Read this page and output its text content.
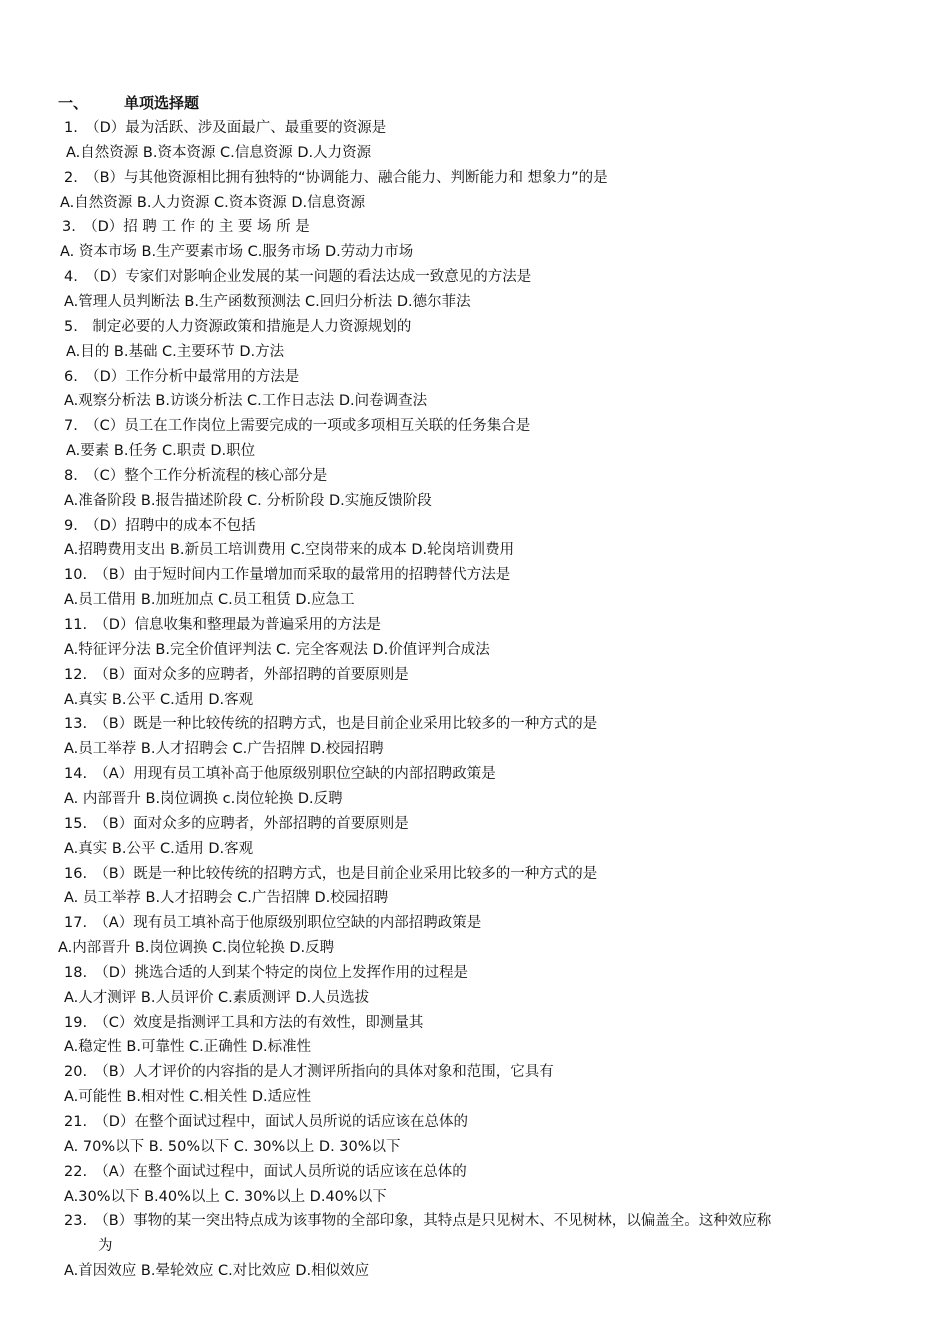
一、 单项选择题
1.　（D）最为活跃、涉及面最广、最重要的资源是
A.自然资源 B.资本资源 C.信息资源 D.人力资源
2.　（B）与其他资源相比拥有独特的“协调能力、融合能力、判断能力和 想象力”的是
A.自然资源 B.人力资源 C.资本资源 D.信息资源
3.　（D）招 聘 工 作 的 主 要 场 所 是
A. 资本市场 B.生产要素市场 C.服务市场 D.劳动力市场
4.　（D）专家们对影响企业发展的某一问题的看法达成一致意见的方法是
A.管理人员判断法 B.生产函数预测法 C.回归分析法 D.德尔菲法
5.　制定必要的人力资源政策和措施是人力资源规划的
A.目的 B.基础 C.主要环节 D.方法
6.　（D）工作分析中最常用的方法是
A.观察分析法 B.访谈分析法 C.工作日志法 D.问卷调查法
7.　（C）员工在工作岗位上需要完成的一项或多项相互关联的任务集合是
A.要素 B.任务 C.职责 D.职位
8.　（C）整个工作分析流程的核心部分是
A.准备阶段 B.报告描述阶段 C. 分析阶段 D.实施反馈阶段
9.　（D）招聘中的成本不包括
A.招聘费用支出 B.新员工培训费用 C.空岗带来的成本 D.轮岗培训费用
10.　（B）由于短时间内工作量增加而采取的最常用的招聘替代方法是
A.员工借用 B.加班加点 C.员工租赁 D.应急工
11.　（D）信息收集和整理最为普遍采用的方法是
A.特征评分法 B.完全价值评判法 C. 完全客观法 D.价值评判合成法
12.　（B）面对众多的应聘者，外部招聘的首要原则是
A.真实 B.公平 C.适用 D.客观
13.　（B）既是一种比较传统的招聘方式，也是目前企业采用比较多的一种方式的是
A.员工举荐 B.人才招聘会 C.广告招牌 D.校园招聘
14.　（A）用现有员工填补高于他原级别职位空缺的内部招聘政策是
A. 内部晋升 B.岗位调换 c.岗位轮换 D.反聘
15.　（B）面对众多的应聘者，外部招聘的首要原则是
A.真实 B.公平 C.适用 D.客观
16.　（B）既是一种比较传统的招聘方式，也是目前企业采用比较多的一种方式的是
A. 员工举荐 B.人才招聘会 C.广告招牌 D.校园招聘
17.　（A）现有员工填补高于他原级别职位空缺的内部招聘政策是
A.内部晋升 B.岗位调换 C.岗位轮换 D.反聘
18.　（D）挑选合适的人到某个特定的岗位上发挥作用的过程是
A.人才测评 B.人员评价 C.素质测评 D.人员选拔
19.　（C）效度是指测评工具和方法的有效性，即测量其
A.稳定性 B.可靠性 C.正确性 D.标准性
20.　（B）人才评价的内容指的是人才测评所指向的具体对象和范围，它具有
A.可能性 B.相对性 C.相关性 D.适应性
21.　（D）在整个面试过程中，面试人员所说的话应该在总体的
A. 70%以下 B. 50%以下 C. 30%以上 D. 30%以下
22.　（A）在整个面试过程中，面试人员所说的话应该在总体的
A.30%以下 B.40%以上 C. 30%以上 D.40%以下
23.　（B）事物的某一突出特点成为该事物的全部印象，其特点是只见树木、不见树林，以偏盖全。这种效应称
为
A.首因效应 B.晕轮效应 C.对比效应 D.相似效应
